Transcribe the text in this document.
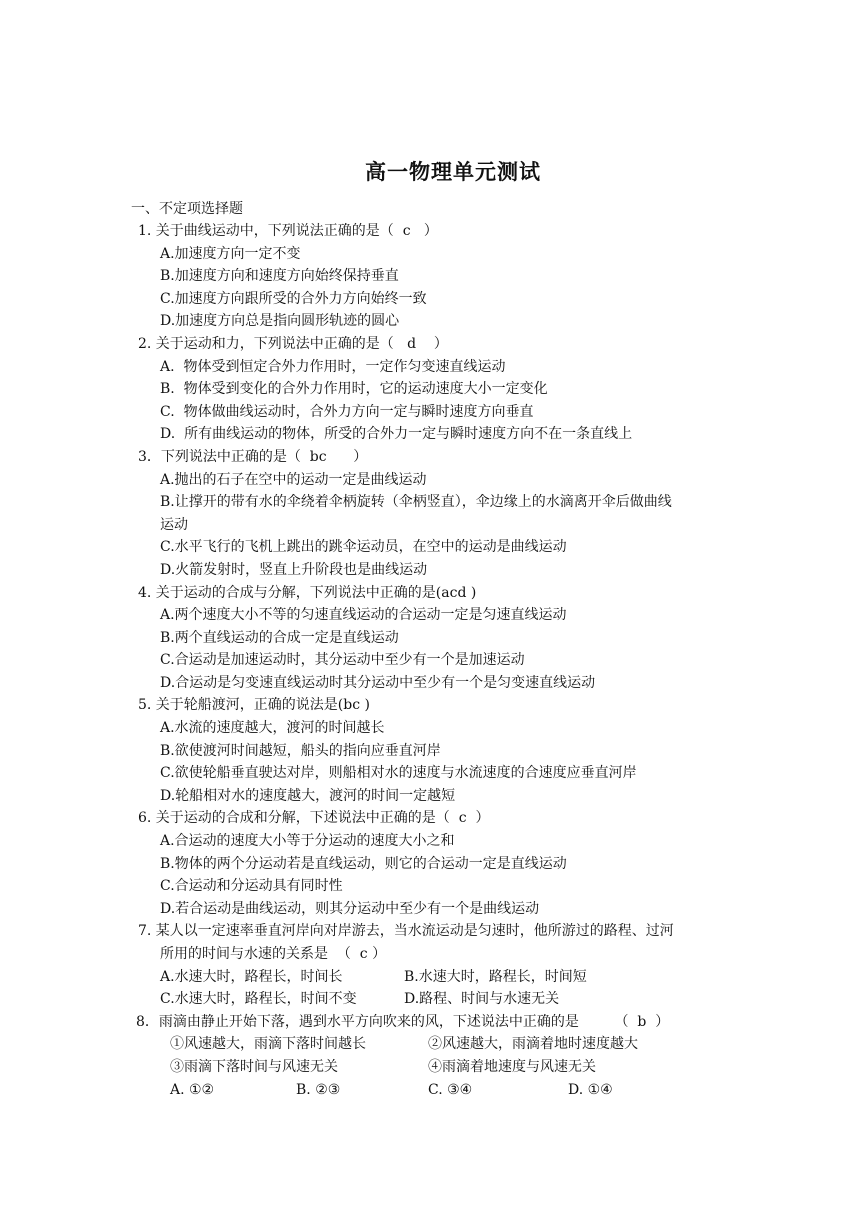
高一物理单元测试
一、不定项选择题
1. 关于曲线运动中，下列说法正确的是（  c   ）
A.加速度方向一定不变
B.加速度方向和速度方向始终保持垂直
C.加速度方向跟所受的合外力方向始终一致
D.加速度方向总是指向圆形轨迹的圆心
2. 关于运动和力，下列说法中正确的是（   d    ）
A.  物体受到恒定合外力作用时，一定作匀变速直线运动
B.  物体受到变化的合外力作用时，它的运动速度大小一定变化
C.  物体做曲线运动时，合外力方向一定与瞬时速度方向垂直
D.  所有曲线运动的物体，所受的合外力一定与瞬时速度方向不在一条直线上
3．下列说法中正确的是（  bc      ）
A.抛出的石子在空中的运动一定是曲线运动
B.让撑开的带有水的伞绕着伞柄旋转（伞柄竖直），伞边缘上的水滴离开伞后做曲线
运动
C.水平飞行的飞机上跳出的跳伞运动员，在空中的运动是曲线运动
D.火箭发射时，竖直上升阶段也是曲线运动
4. 关于运动的合成与分解，下列说法中正确的是(acd )
A.两个速度大小不等的匀速直线运动的合运动一定是匀速直线运动
B.两个直线运动的合成一定是直线运动
C.合运动是加速运动时，其分运动中至少有一个是加速运动
D.合运动是匀变速直线运动时其分运动中至少有一个是匀变速直线运动
5. 关于轮船渡河，正确的说法是(bc )
A.水流的速度越大，渡河的时间越长
B.欲使渡河时间越短，船头的指向应垂直河岸
C.欲使轮船垂直驶达对岸，则船相对水的速度与水流速度的合速度应垂直河岸
D.轮船相对水的速度越大，渡河的时间一定越短
6. 关于运动的合成和分解，下述说法中正确的是（  c  ）
A.合运动的速度大小等于分运动的速度大小之和
B.物体的两个分运动若是直线运动，则它的合运动一定是直线运动
C.合运动和分运动具有同时性
D.若合运动是曲线运动，则其分运动中至少有一个是曲线运动
7. 某人以一定速率垂直河岸向对岸游去，当水流运动是匀速时，他所游过的路程、过河
所用的时间与水速的关系是  （  c ）
A.水速大时，路程长，时间长	B.水速大时，路程长，时间短
C.水速大时，路程长，时间不变	D.路程、时间与水速无关
8．雨滴由静止开始下落，遇到水平方向吹来的风，下述说法中正确的是        （  b  ）
①风速越大，雨滴下落时间越长	②风速越大，雨滴着地时速度越大
③雨滴下落时间与风速无关	④雨滴着地速度与风速无关
A. ①②	B. ②③	C. ③④	D. ①④
